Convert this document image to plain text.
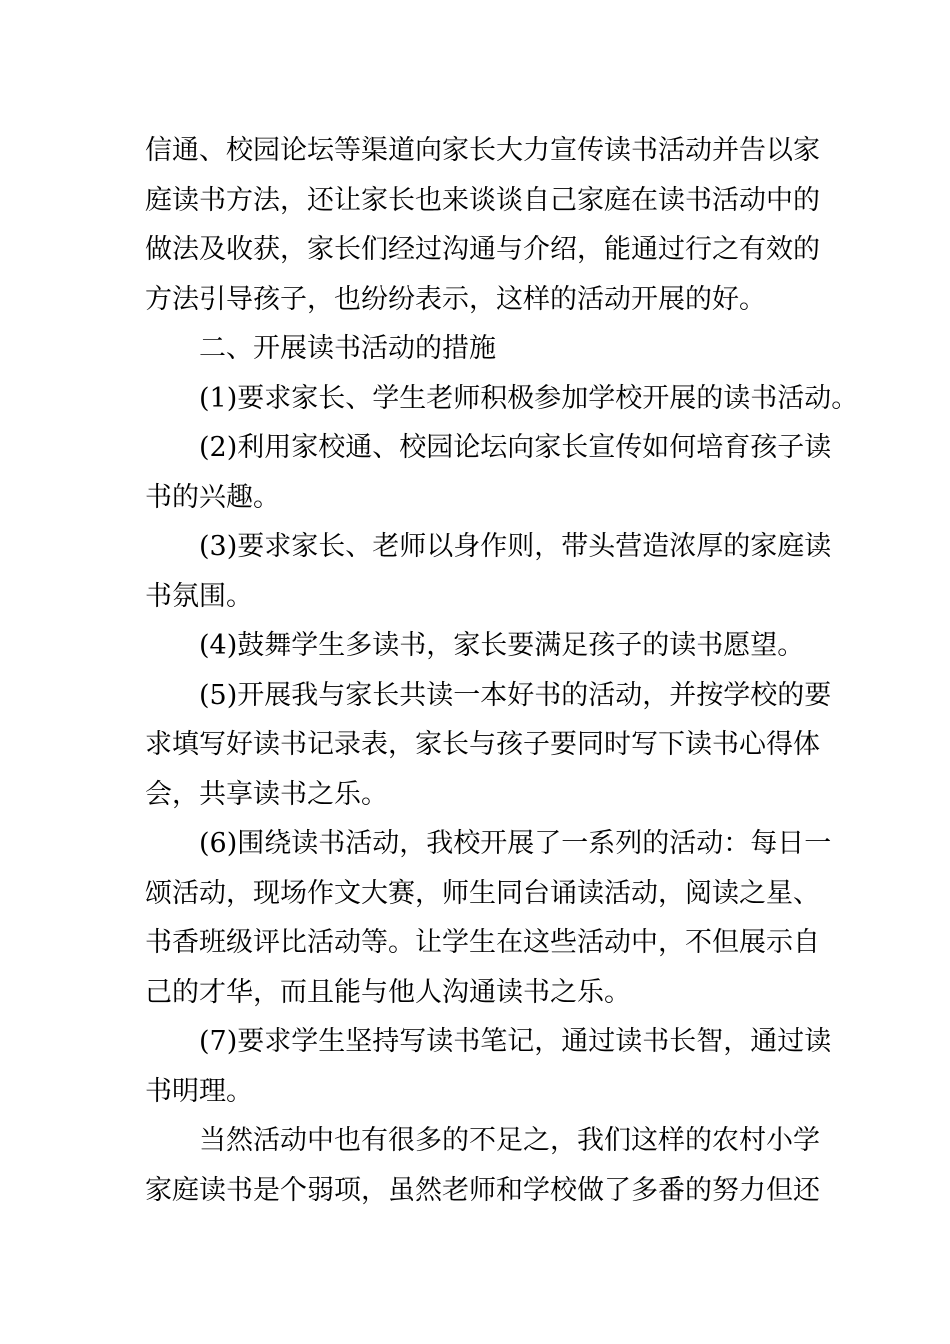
信通、校园论坛等渠道向家长大力宣传读书活动并告以家
庭读书方法，还让家长也来谈谈自己家庭在读书活动中的
做法及收获，家长们经过沟通与介绍，能通过行之有效的
方法引导孩子，也纷纷表示，这样的活动开展的好。
二、开展读书活动的措施
(1)要求家长、学生老师积极参加学校开展的读书活动。
(2)利用家校通、校园论坛向家长宣传如何培育孩子读
书的兴趣。
(3)要求家长、老师以身作则，带头营造浓厚的家庭读
书氛围。
(4)鼓舞学生多读书，家长要满足孩子的读书愿望。
(5)开展我与家长共读一本好书的活动，并按学校的要
求填写好读书记录表，家长与孩子要同时写下读书心得体
会，共享读书之乐。
(6)围绕读书活动，我校开展了一系列的活动：每日一
颂活动，现场作文大赛，师生同台诵读活动，阅读之星、
书香班级评比活动等。让学生在这些活动中，不但展示自
己的才华，而且能与他人沟通读书之乐。
(7)要求学生坚持写读书笔记，通过读书长智，通过读
书明理。
当然活动中也有很多的不足之，我们这样的农村小学
家庭读书是个弱项，虽然老师和学校做了多番的努力但还
